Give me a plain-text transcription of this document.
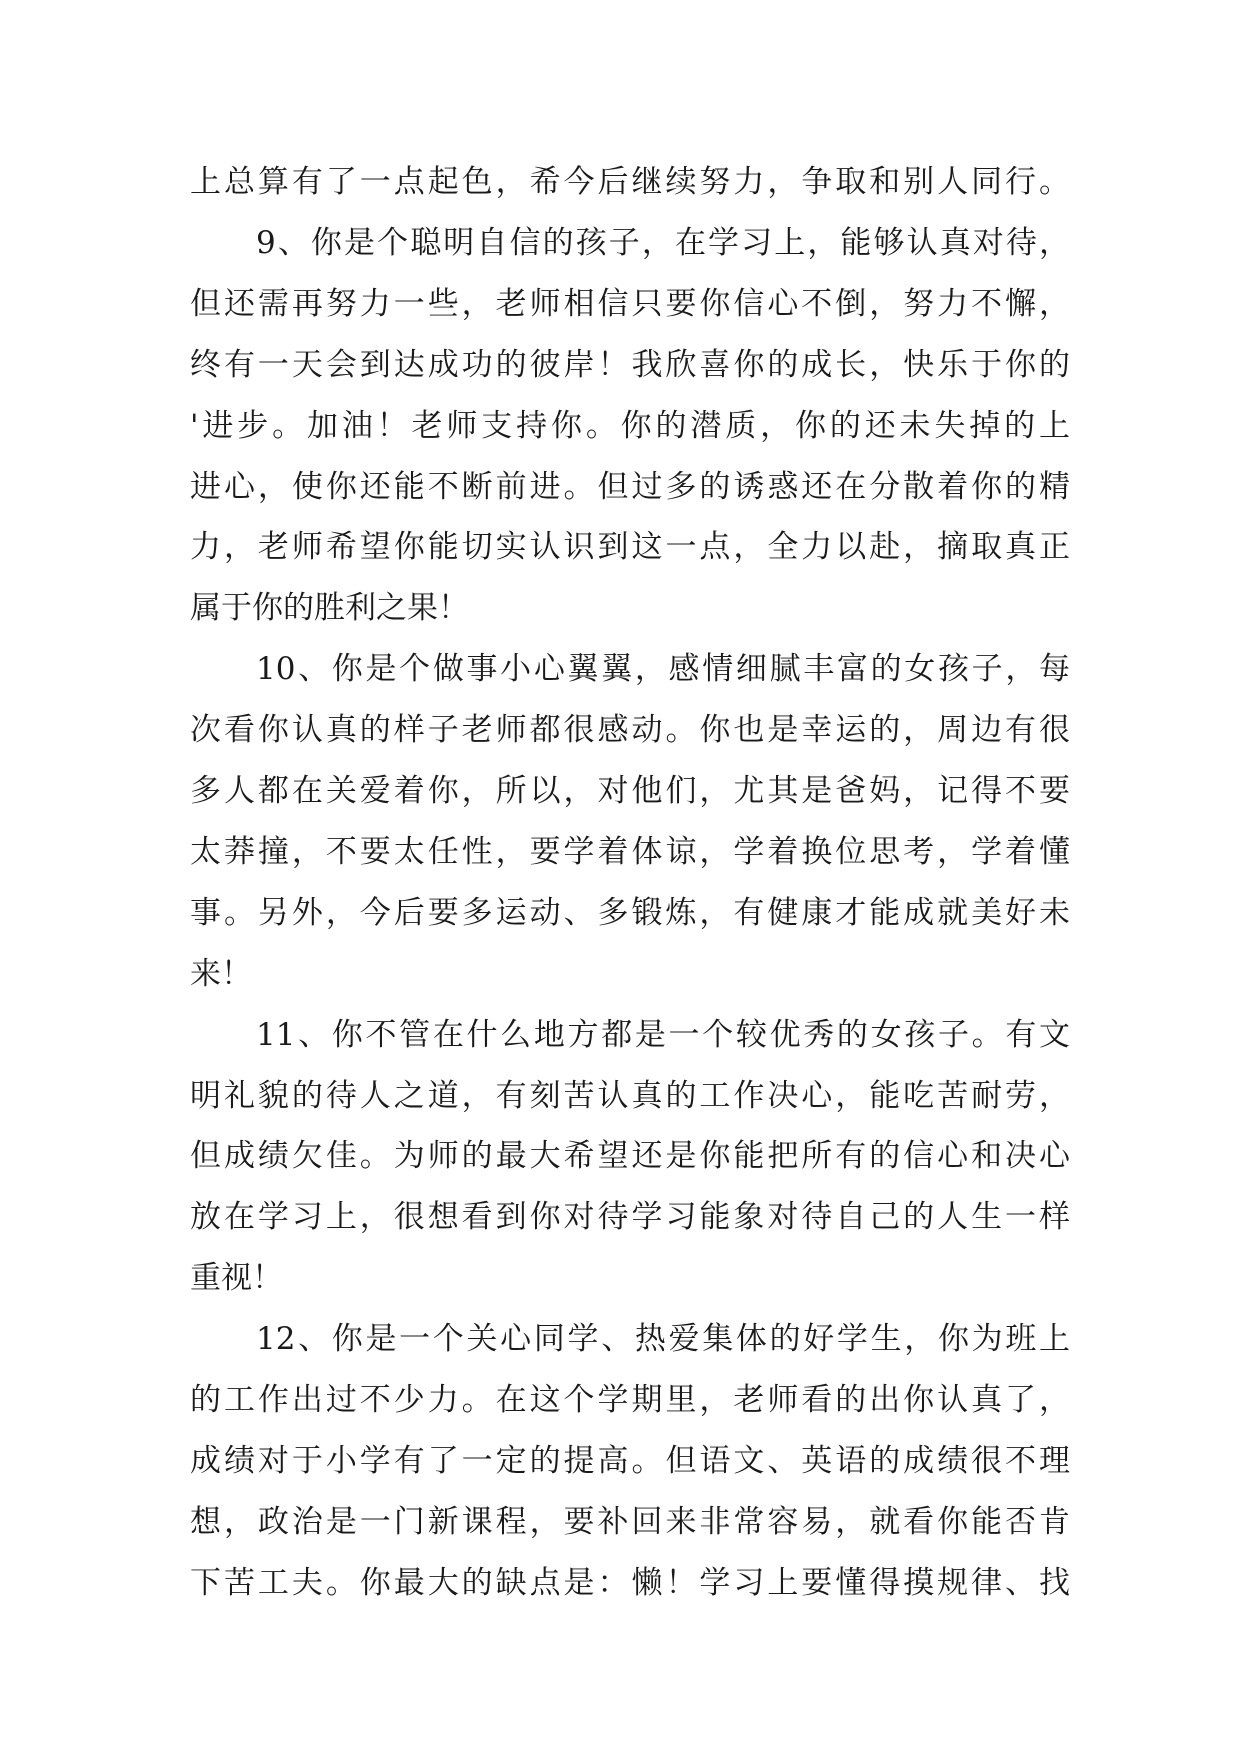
上总算有了一点起色，希今后继续努力，争取和别人同行。
9、你是个聪明自信的孩子，在学习上，能够认真对待，
但还需再努力一些，老师相信只要你信心不倒，努力不懈，
终有一天会到达成功的彼岸！我欣喜你的成长，快乐于你的
'进步。加油！老师支持你。你的潜质，你的还未失掉的上
进心，使你还能不断前进。但过多的诱惑还在分散着你的精
力，老师希望你能切实认识到这一点，全力以赴，摘取真正
属于你的胜利之果！
10、你是个做事小心翼翼，感情细腻丰富的女孩子，每
次看你认真的样子老师都很感动。你也是幸运的，周边有很
多人都在关爱着你，所以，对他们，尤其是爸妈，记得不要
太莽撞，不要太任性，要学着体谅，学着换位思考，学着懂
事。另外，今后要多运动、多锻炼，有健康才能成就美好未
来！
11、你不管在什么地方都是一个较优秀的女孩子。有文
明礼貌的待人之道，有刻苦认真的工作决心，能吃苦耐劳，
但成绩欠佳。为师的最大希望还是你能把所有的信心和决心
放在学习上，很想看到你对待学习能象对待自己的人生一样
重视！
12、你是一个关心同学、热爱集体的好学生，你为班上
的工作出过不少力。在这个学期里，老师看的出你认真了，
成绩对于小学有了一定的提高。但语文、英语的成绩很不理
想，政治是一门新课程，要补回来非常容易，就看你能否肯
下苦工夫。你最大的缺点是：懒！学习上要懂得摸规律、找
